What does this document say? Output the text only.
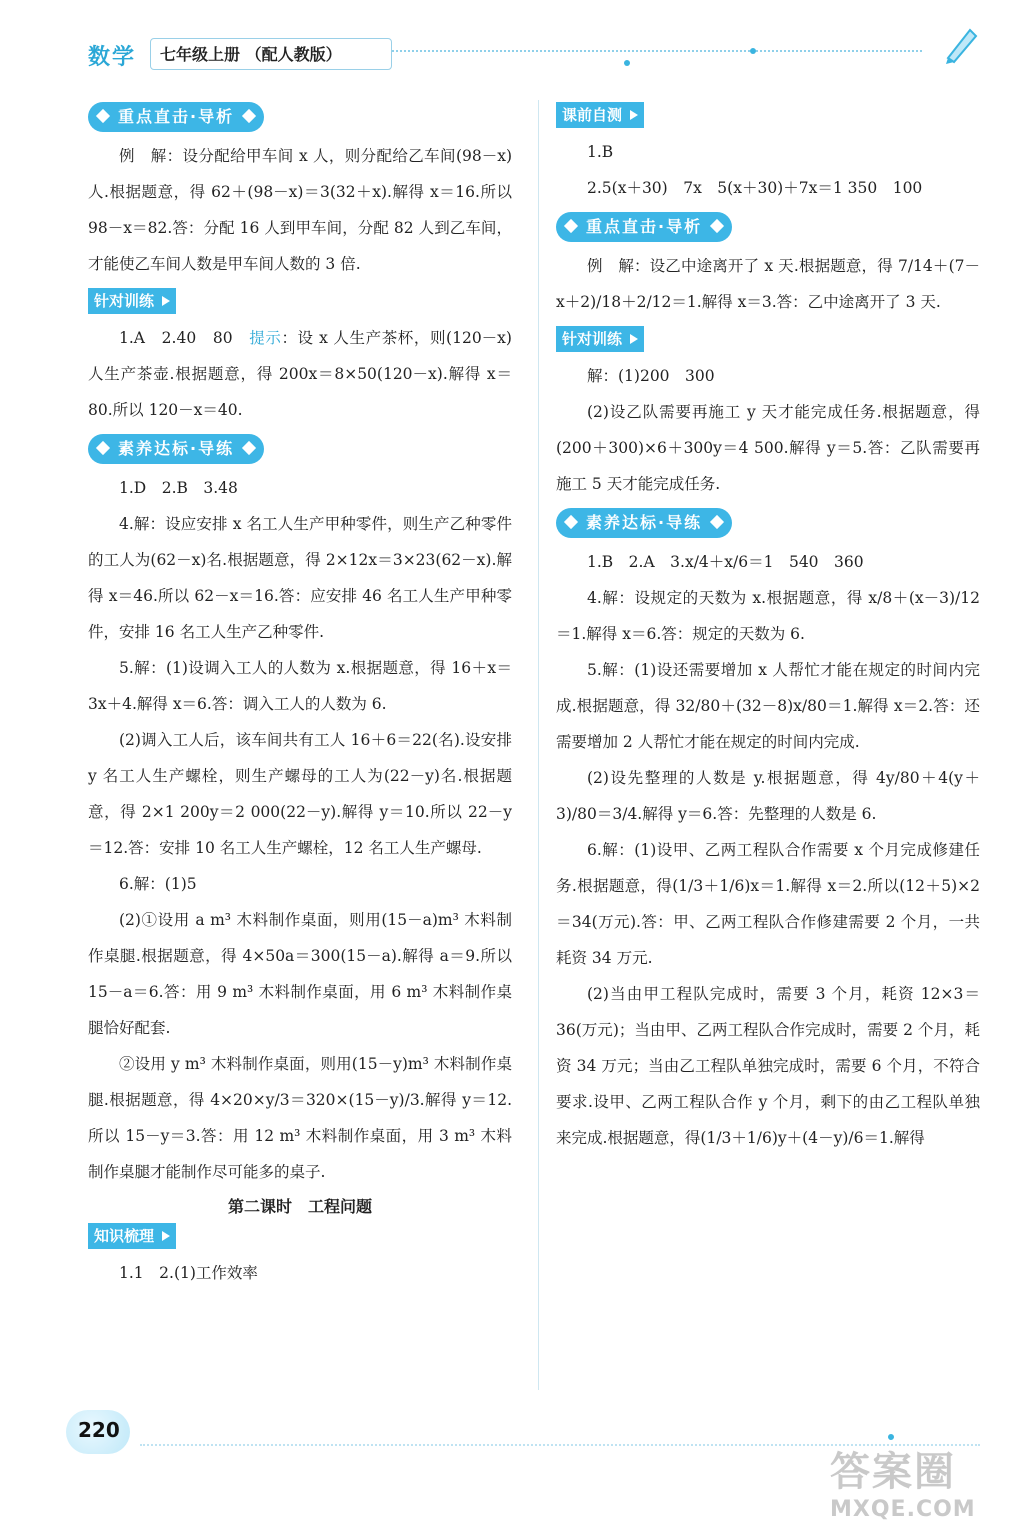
数学 七年级上册 （配人教版）
重点直击·导析

例　解：设分配给甲车间 x 人，则分配给乙车间(98－x)人.根据题意，得 62＋(98－x)＝3(32＋x).解得 x＝16.所以 98－x＝82.答：分配 16 人到甲车间，分配 82 人到乙车间，才能使乙车间人数是甲车间人数的 3 倍.

针对训练

1.A　2.40　80　提示：设 x 人生产茶杯，则(120－x)人生产茶壶.根据题意，得 200x＝8×50(120－x).解得 x＝80.所以 120－x＝40.

素养达标·导练

1.D　2.B　3.48

4.解：设应安排 x 名工人生产甲种零件，则生产乙种零件的工人为(62－x)名.根据题意，得 2×12x＝3×23(62－x).解得 x＝46.所以 62－x＝16.答：应安排 46 名工人生产甲种零件，安排 16 名工人生产乙种零件.

5.解：(1)设调入工人的人数为 x.根据题意，得 16＋x＝3x＋4.解得 x＝6.答：调入工人的人数为 6.

(2)调入工人后，该车间共有工人 16＋6＝22(名).设安排 y 名工人生产螺栓，则生产螺母的工人为(22－y)名.根据题意，得 2×1 200y＝2 000(22－y).解得 y＝10.所以 22－y＝12.答：安排 10 名工人生产螺栓，12 名工人生产螺母.

6.解：(1)5

(2)①设用 a m³ 木料制作桌面，则用(15－a)m³ 木料制作桌腿.根据题意，得 4×50a＝300(15－a).解得 a＝9.所以 15－a＝6.答：用 9 m³ 木料制作桌面，用 6 m³ 木料制作桌腿恰好配套.

②设用 y m³ 木料制作桌面，则用(15－y)m³ 木料制作桌腿.根据题意，得 4×20×y/3＝320×(15－y)/3.解得 y＝12.所以 15－y＝3.答：用 12 m³ 木料制作桌面，用 3 m³ 木料制作桌腿才能制作尽可能多的桌子.

第二课时　工程问题
知识梳理

1.1　2.(1)工作效率

课前自测

1.B

2.5(x＋30)　7x　5(x＋30)＋7x＝1 350　100

重点直击·导析

例　解：设乙中途离开了 x 天.根据题意，得 7/14＋(7－x＋2)/18＋2/12＝1.解得 x＝3.答：乙中途离开了 3 天.

针对训练

解：(1)200　300

(2)设乙队需要再施工 y 天才能完成任务.根据题意，得(200＋300)×6＋300y＝4 500.解得 y＝5.答：乙队需要再施工 5 天才能完成任务.

素养达标·导练

1.B　2.A　3.x/4＋x/6＝1　540　360

4.解：设规定的天数为 x.根据题意，得 x/8＋(x－3)/12＝1.解得 x＝6.答：规定的天数为 6.

5.解：(1)设还需要增加 x 人帮忙才能在规定的时间内完成.根据题意，得 32/80＋(32－8)x/80＝1.解得 x＝2.答：还需要增加 2 人帮忙才能在规定的时间内完成.

(2)设先整理的人数是 y.根据题意，得 4y/80＋4(y＋3)/80＝3/4.解得 y＝6.答：先整理的人数是 6.

6.解：(1)设甲、乙两工程队合作需要 x 个月完成修建任务.根据题意，得(1/3＋1/6)x＝1.解得 x＝2.所以(12＋5)×2＝34(万元).答：甲、乙两工程队合作修建需要 2 个月，一共耗资 34 万元.

(2)当由甲工程队完成时，需要 3 个月，耗资 12×3＝36(万元)；当由甲、乙两工程队合作完成时，需要 2 个月，耗资 34 万元；当由乙工程队单独完成时，需要 6 个月，不符合要求.设甲、乙两工程队合作 y 个月，剩下的由乙工程队单独来完成.根据题意，得(1/3＋1/6)y＋(4－y)/6＝1.解得

220
答案圈
MXQE.COM
